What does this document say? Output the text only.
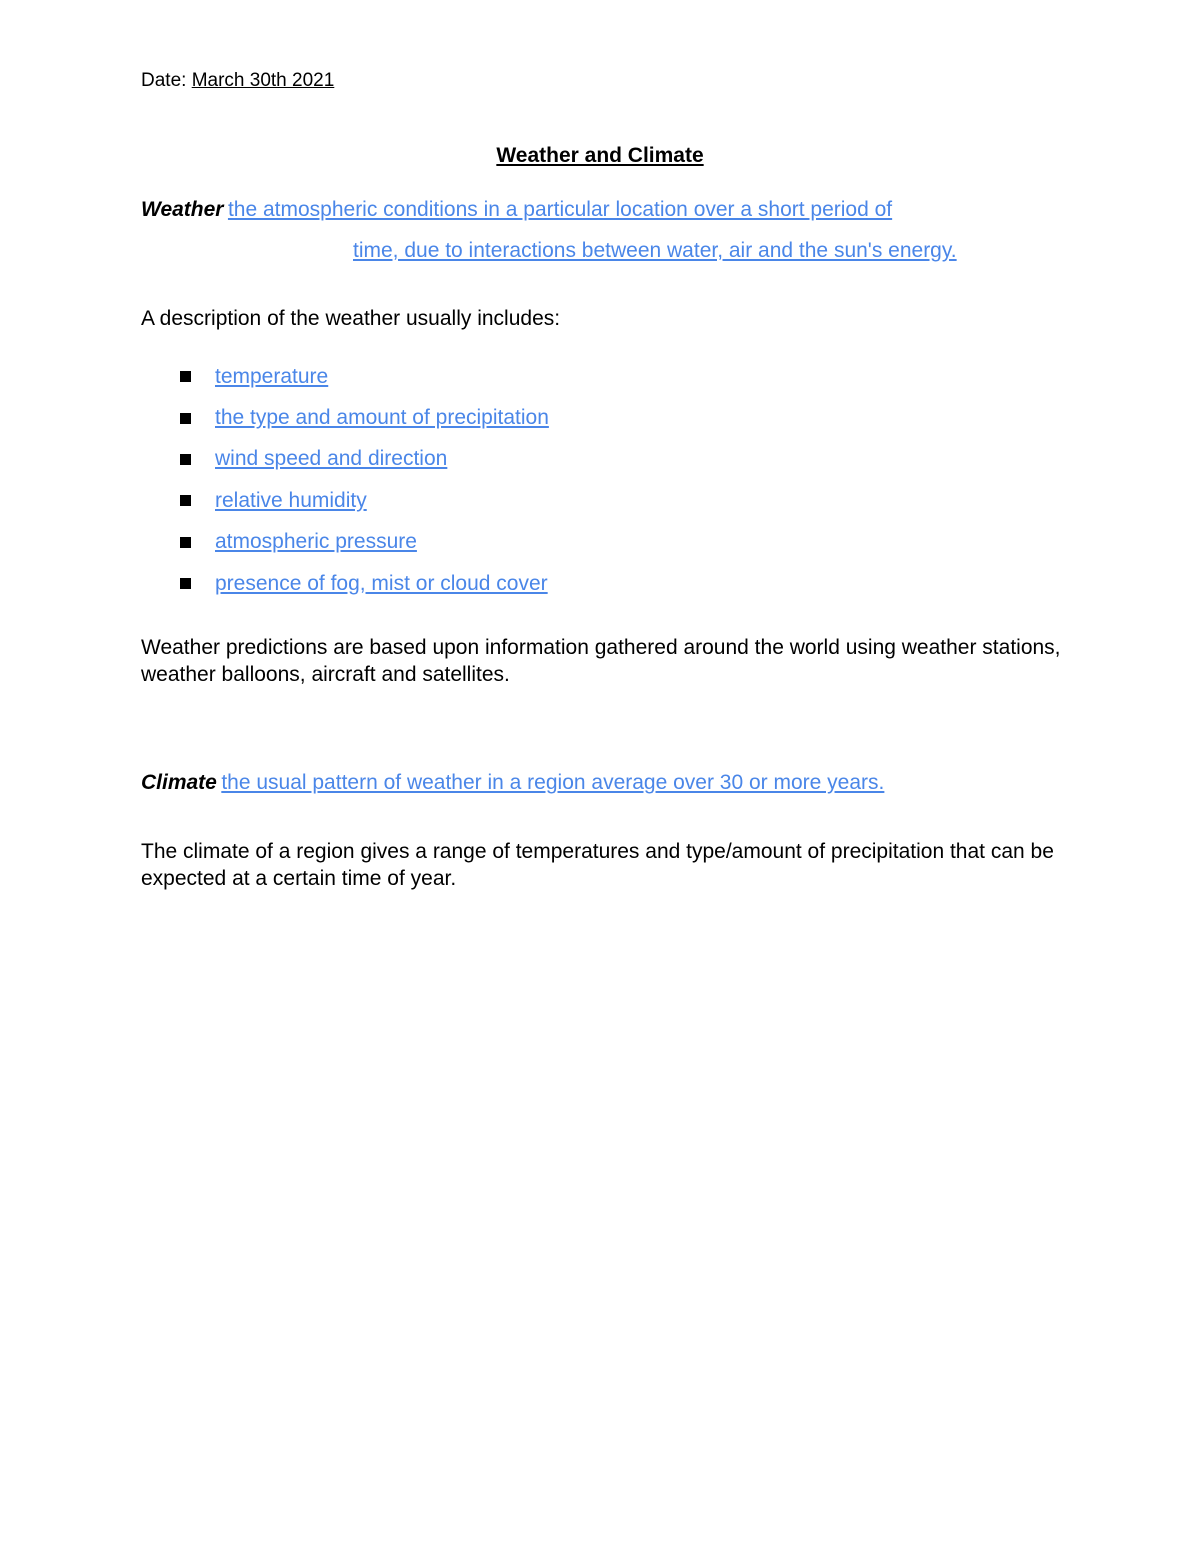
Date: March 30th 2021
Weather and Climate
Weather the atmospheric conditions in a particular location over a short period of
time, due to interactions between water, air and the sun's energy.
A description of the weather usually includes:
temperature
the type and amount of precipitation
wind speed and direction
relative humidity
atmospheric pressure
presence of fog, mist or cloud cover
Weather predictions are based upon information gathered around the world using weather stations, weather balloons, aircraft and satellites.
Climate the usual pattern of weather in a region average over 30 or more years.
The climate of a region gives a range of temperatures and type/amount of precipitation that can be expected at a certain time of year.
